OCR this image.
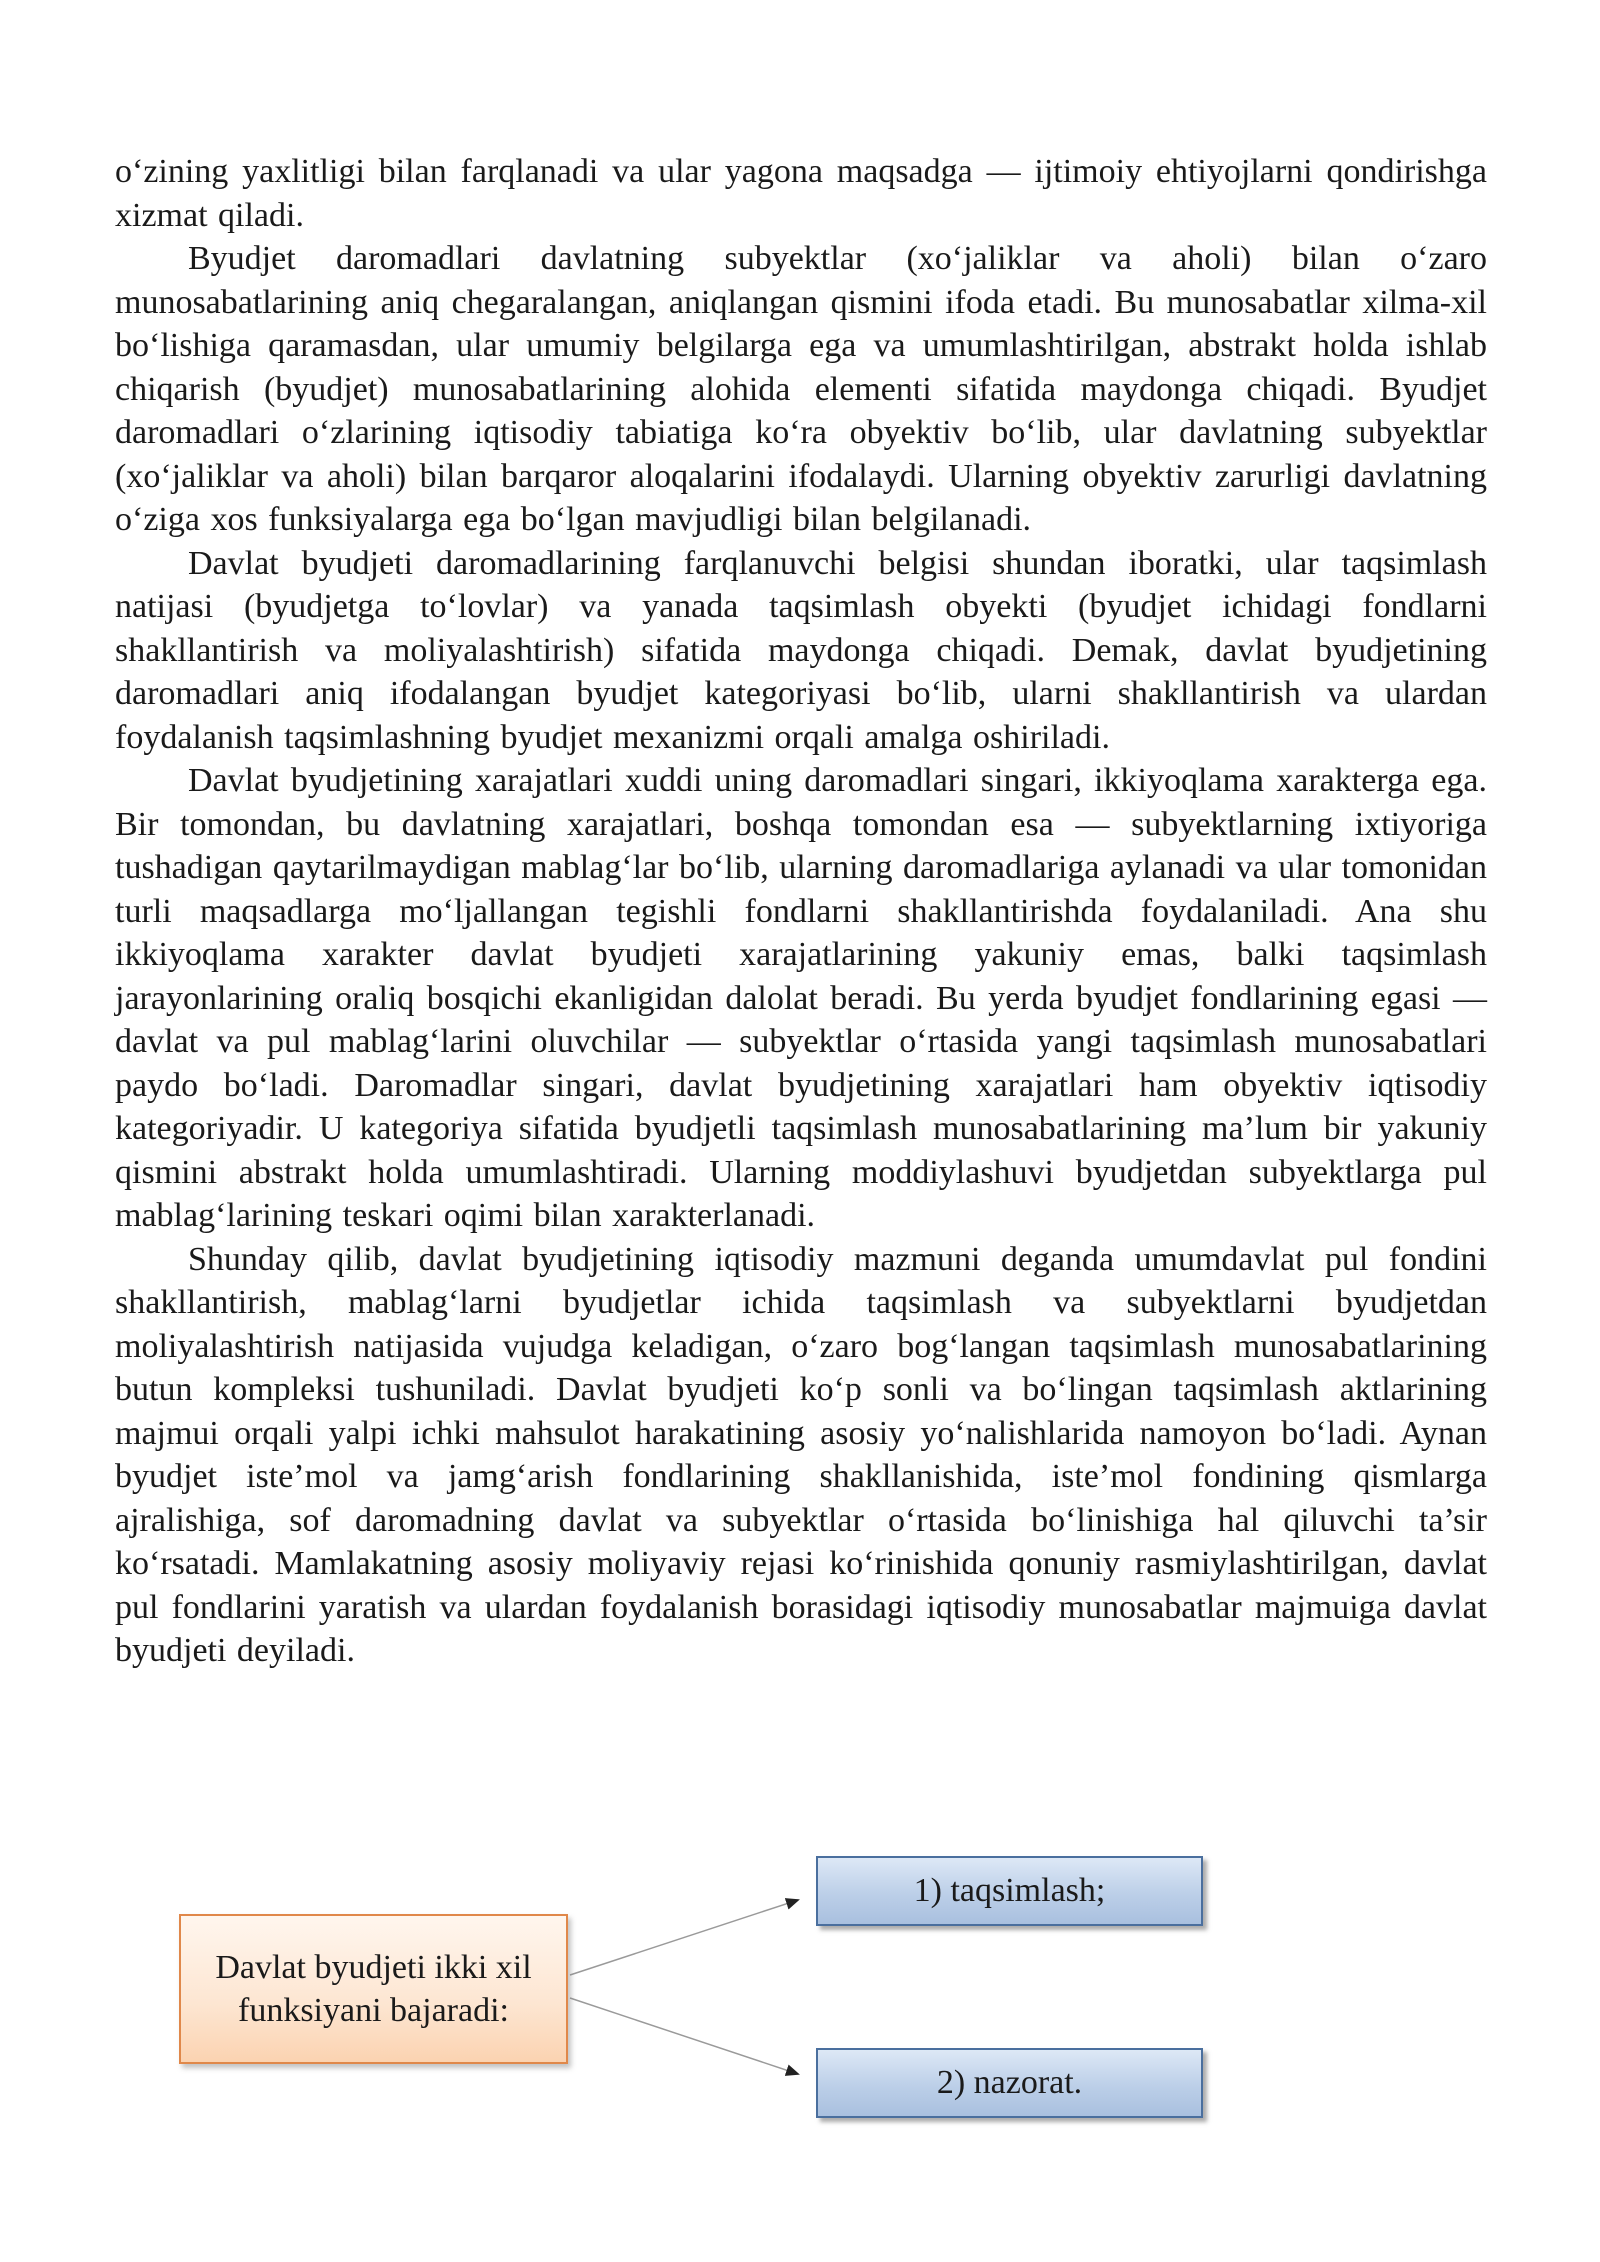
o‘zining yaxlitligi bilan farqlanadi va ular yagona maqsadga — ijtimoiy ehtiyojlarni qondirishga xizmat qiladi.

Byudjet daromadlari davlatning subyektlar (xo‘jaliklar va aholi) bilan o‘zaro munosabatlarining aniq chegaralangan, aniqlangan qismini ifoda etadi. Bu munosabatlar xilma-xil bo‘lishiga qaramasdan, ular umumiy belgilarga ega va umumlashtirilgan, abstrakt holda ishlab chiqarish (byudjet) munosabatlarining alohida elementi sifatida maydonga chiqadi. Byudjet daromadlari o‘zlarining iqtisodiy tabiatiga ko‘ra obyektiv bo‘lib, ular davlatning subyektlar (xo‘jaliklar va aholi) bilan barqaror aloqalarini ifodalaydi. Ularning obyektiv zarurligi davlatning o‘ziga xos funksiyalarga ega bo‘lgan mavjudligi bilan belgilanadi.

Davlat byudjeti daromadlarining farqlanuvchi belgisi shundan iboratki, ular taqsimlash natijasi (byudjetga to‘lovlar) va yanada taqsimlash obyekti (byudjet ichidagi fondlarni shakllantirish va moliyalashtirish) sifatida maydonga chiqadi. Demak, davlat byudjetining daromadlari aniq ifodalangan byudjet kategoriyasi bo‘lib, ularni shakllantirish va ulardan foydalanish taqsimlashning byudjet mexanizmi orqali amalga oshiriladi.

Davlat byudjetining xarajatlari xuddi uning daromadlari singari, ikkiyoqlama xarakterga ega. Bir tomondan, bu davlatning xarajatlari, boshqa tomondan esa — subyektlarning ixtiyoriga tushadigan qaytarilmaydigan mablag‘lar bo‘lib, ularning daromadlariga aylanadi va ular tomonidan turli maqsadlarga mo‘ljallangan tegishli fondlarni shakllantirishda foydalaniladi. Ana shu ikkiyoqlama xarakter davlat byudjeti xarajatlarining yakuniy emas, balki taqsimlash jarayonlarining oraliq bosqichi ekanligidan dalolat beradi. Bu yerda byudjet fondlarining egasi — davlat va pul mablag‘larini oluvchilar — subyektlar o‘rtasida yangi taqsimlash munosabatlari paydo bo‘ladi. Daromadlar singari, davlat byudjetining xarajatlari ham obyektiv iqtisodiy kategoriyadir. U kategoriya sifatida byudjetli taqsimlash munosabatlarining ma’lum bir yakuniy qismini abstrakt holda umumlashtiradi. Ularning moddiylashuvi byudjetdan subyektlarga pul mablag‘larining teskari oqimi bilan xarakterlanadi.

Shunday qilib, davlat byudjetining iqtisodiy mazmuni deganda umumdavlat pul fondini shakllantirish, mablag‘larni byudjetlar ichida taqsimlash va subyektlarni byudjetdan moliyalashtirish natijasida vujudga keladigan, o‘zaro bog‘langan taqsimlash munosabatlarining butun kompleksi tushuniladi. Davlat byudjeti ko‘p sonli va bo‘lingan taqsimlash aktlarining majmui orqali yalpi ichki mahsulot harakatining asosiy yo‘nalishlarida namoyon bo‘ladi. Aynan byudjet iste’mol va jamg‘arish fondlarining shakllanishida, iste’mol fondining qismlarga ajralishiga, sof daromadning davlat va subyektlar o‘rtasida bo‘linishiga hal qiluvchi ta’sir ko‘rsatadi. Mamlakatning asosiy moliyaviy rejasi ko‘rinishida qonuniy rasmiylashtirilgan, davlat pul fondlarini yaratish va ulardan foydalanish borasidagi iqtisodiy munosabatlar majmuiga davlat byudjeti deyiladi.

Davlat byudjeti ikki xil funksiyani bajaradi:
1) taqsimlash;
2) nazorat.
